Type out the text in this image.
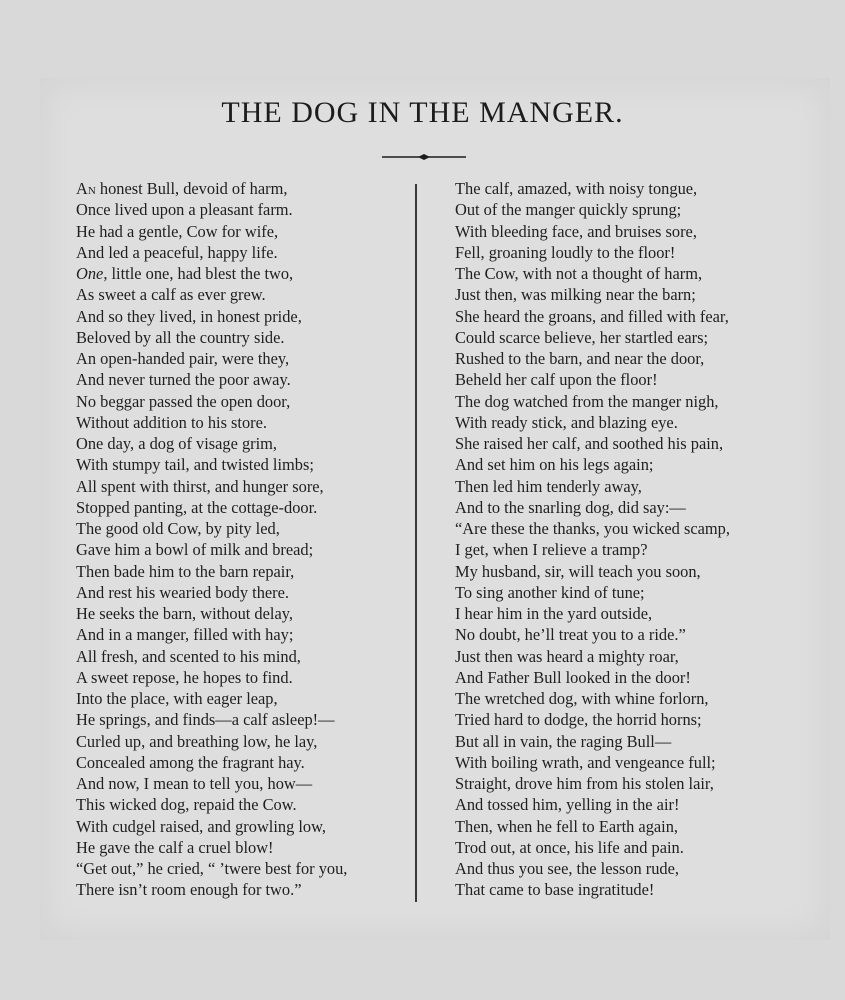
THE DOG IN THE MANGER.
An honest Bull, devoid of harm,
Once lived upon a pleasant farm.
He had a gentle, Cow for wife,
And led a peaceful, happy life.
One, little one, had blest the two,
As sweet a calf as ever grew.
And so they lived, in honest pride,
Beloved by all the country side.
An open-handed pair, were they,
And never turned the poor away.
No beggar passed the open door,
Without addition to his store.
One day, a dog of visage grim,
With stumpy tail, and twisted limbs;
All spent with thirst, and hunger sore,
Stopped panting, at the cottage-door.
The good old Cow, by pity led,
Gave him a bowl of milk and bread;
Then bade him to the barn repair,
And rest his wearied body there.
He seeks the barn, without delay,
And in a manger, filled with hay;
All fresh, and scented to his mind,
A sweet repose, he hopes to find.
Into the place, with eager leap,
He springs, and finds—a calf asleep!—
Curled up, and breathing low, he lay,
Concealed among the fragrant hay.
And now, I mean to tell you, how—
This wicked dog, repaid the Cow.
With cudgel raised, and growling low,
He gave the calf a cruel blow!
“Get out,” he cried, “ ’twere best for you,
There isn’t room enough for two.”
The calf, amazed, with noisy tongue,
Out of the manger quickly sprung;
With bleeding face, and bruises sore,
Fell, groaning loudly to the floor!
The Cow, with not a thought of harm,
Just then, was milking near the barn;
She heard the groans, and filled with fear,
Could scarce believe, her startled ears;
Rushed to the barn, and near the door,
Beheld her calf upon the floor!
The dog watched from the manger nigh,
With ready stick, and blazing eye.
She raised her calf, and soothed his pain,
And set him on his legs again;
Then led him tenderly away,
And to the snarling dog, did say:—
“Are these the thanks, you wicked scamp,
I get, when I relieve a tramp?
My husband, sir, will teach you soon,
To sing another kind of tune;
I hear him in the yard outside,
No doubt, he’ll treat you to a ride.”
Just then was heard a mighty roar,
And Father Bull looked in the door!
The wretched dog, with whine forlorn,
Tried hard to dodge, the horrid horns;
But all in vain, the raging Bull—
With boiling wrath, and vengeance full;
Straight, drove him from his stolen lair,
And tossed him, yelling in the air!
Then, when he fell to Earth again,
Trod out, at once, his life and pain.
And thus you see, the lesson rude,
That came to base ingratitude!
